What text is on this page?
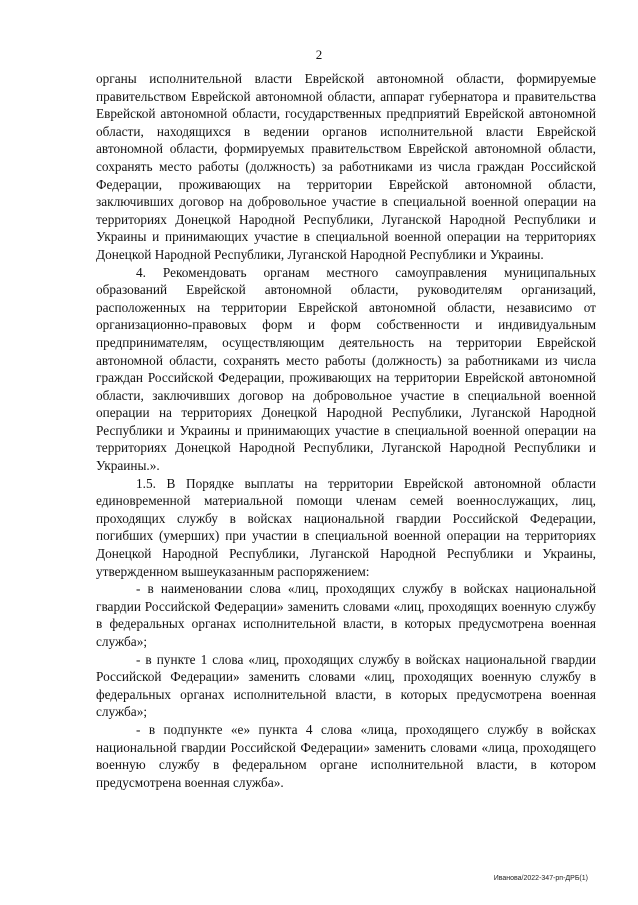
2

органы исполнительной власти Еврейской автономной области, формируемые правительством Еврейской автономной области, аппарат губернатора и правительства Еврейской автономной области, государственных предприятий Еврейской автономной области, находящихся в ведении органов исполнительной власти Еврейской автономной области, формируемых правительством Еврейской автономной области, сохранять место работы (должность) за работниками из числа граждан Российской Федерации, проживающих на территории Еврейской автономной области, заключивших договор на добровольное участие в специальной военной операции на территориях Донецкой Народной Республики, Луганской Народной Республики и Украины и принимающих участие в специальной военной операции на территориях Донецкой Народной Республики, Луганской Народной Республики и Украины.

4. Рекомендовать органам местного самоуправления муниципальных образований Еврейской автономной области, руководителям организаций, расположенных на территории Еврейской автономной области, независимо от организационно-правовых форм и форм собственности и индивидуальным предпринимателям, осуществляющим деятельность на территории Еврейской автономной области, сохранять место работы (должность) за работниками из числа граждан Российской Федерации, проживающих на территории Еврейской автономной области, заключивших договор на добровольное участие в специальной военной операции на территориях Донецкой Народной Республики, Луганской Народной Республики и Украины и принимающих участие в специальной военной операции на территориях Донецкой Народной Республики, Луганской Народной Республики и Украины.».

1.5. В Порядке выплаты на территории Еврейской автономной области единовременной материальной помощи членам семей военнослужащих, лиц, проходящих службу в войсках национальной гвардии Российской Федерации, погибших (умерших) при участии в специальной военной операции на территориях Донецкой Народной Республики, Луганской Народной Республики и Украины, утвержденном вышеуказанным распоряжением:

- в наименовании слова «лиц, проходящих службу в войсках национальной гвардии Российской Федерации» заменить словами «лиц, проходящих военную службу в федеральных органах исполнительной власти, в которых предусмотрена военная служба»;

- в пункте 1 слова «лиц, проходящих службу в войсках национальной гвардии Российской Федерации» заменить словами «лиц, проходящих военную службу в федеральных органах исполнительной власти, в которых предусмотрена военная служба»;

- в подпункте «е» пункта 4 слова «лица, проходящего службу в войсках национальной гвардии Российской Федерации» заменить словами «лица, проходящего военную службу в федеральном органе исполнительной власти, в котором предусмотрена военная служба».

Иванова/2022-347-рп-ДРБ(1)
